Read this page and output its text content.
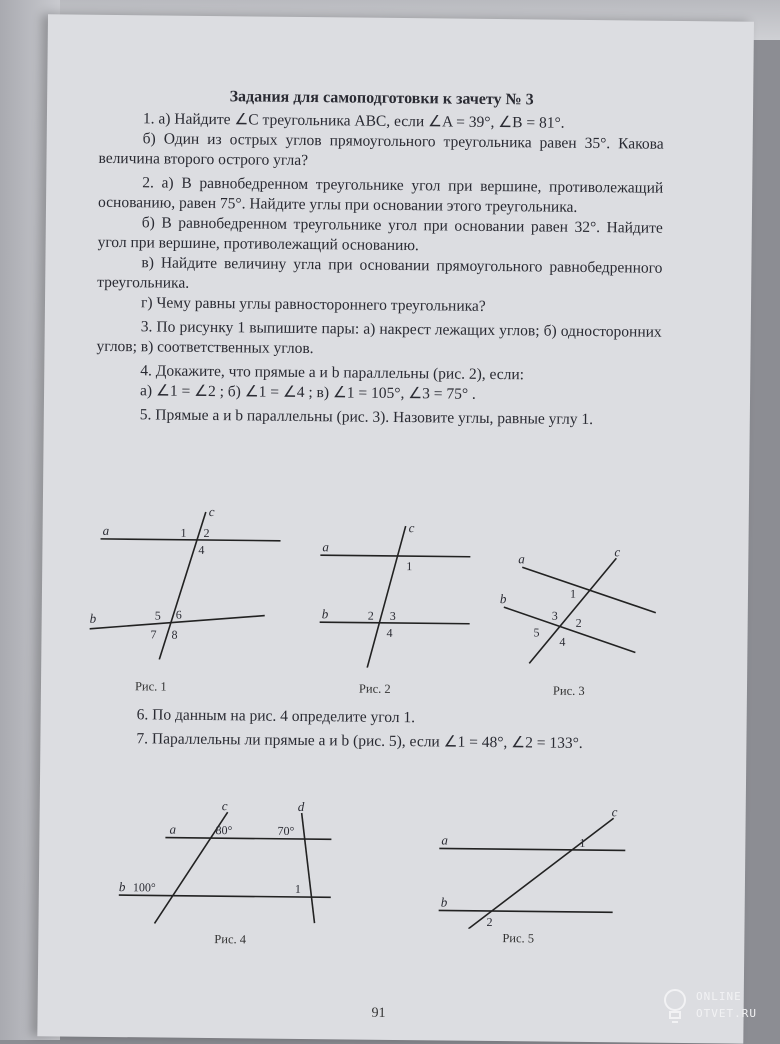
Задания для самоподготовки к зачету № 3
1. а) Найдите ∠C треугольника ABC, если ∠A = 39°, ∠B = 81°.
б) Один из острых углов прямоугольного треугольника равен 35°. Какова величина второго острого угла?
2. а) В равнобедренном треугольнике угол при вершине, противолежащий основанию, равен 75°. Найдите углы при основании этого треугольника.
б) В равнобедренном треугольнике угол при основании равен 32°. Найдите угол при вершине, противолежащий основанию.
в) Найдите величину угла при основании прямоугольного равнобедренного треугольника.
г) Чему равны углы равностороннего треугольника?
3. По рисунку 1 выпишите пары: а) накрест лежащих углов; б) односторонних углов; в) соответственных углов.
4. Докажите, что прямые a и b параллельны (рис. 2), если:
а) ∠1 = ∠2 ; б) ∠1 = ∠4 ; в) ∠1 = 105°, ∠3 = 75° .
5. Прямые a и b параллельны (рис. 3). Назовите углы, равные углу 1.
a
b
c
1 2
4
5 6
7 8
Рис. 1
a
b
c
1
2 3
4
Рис. 2
a
b
c
1
2
3
4
5
Рис. 3
6. По данным на рис. 4 определите угол 1.
7. Параллельны ли прямые a и b (рис. 5), если ∠1 = 48°, ∠2 = 133°.
a
b
c	d
80°	70°
100°	1
Рис. 4
a
b
c
1
2
Рис. 5
91
ONLINE
OTVET.RU
